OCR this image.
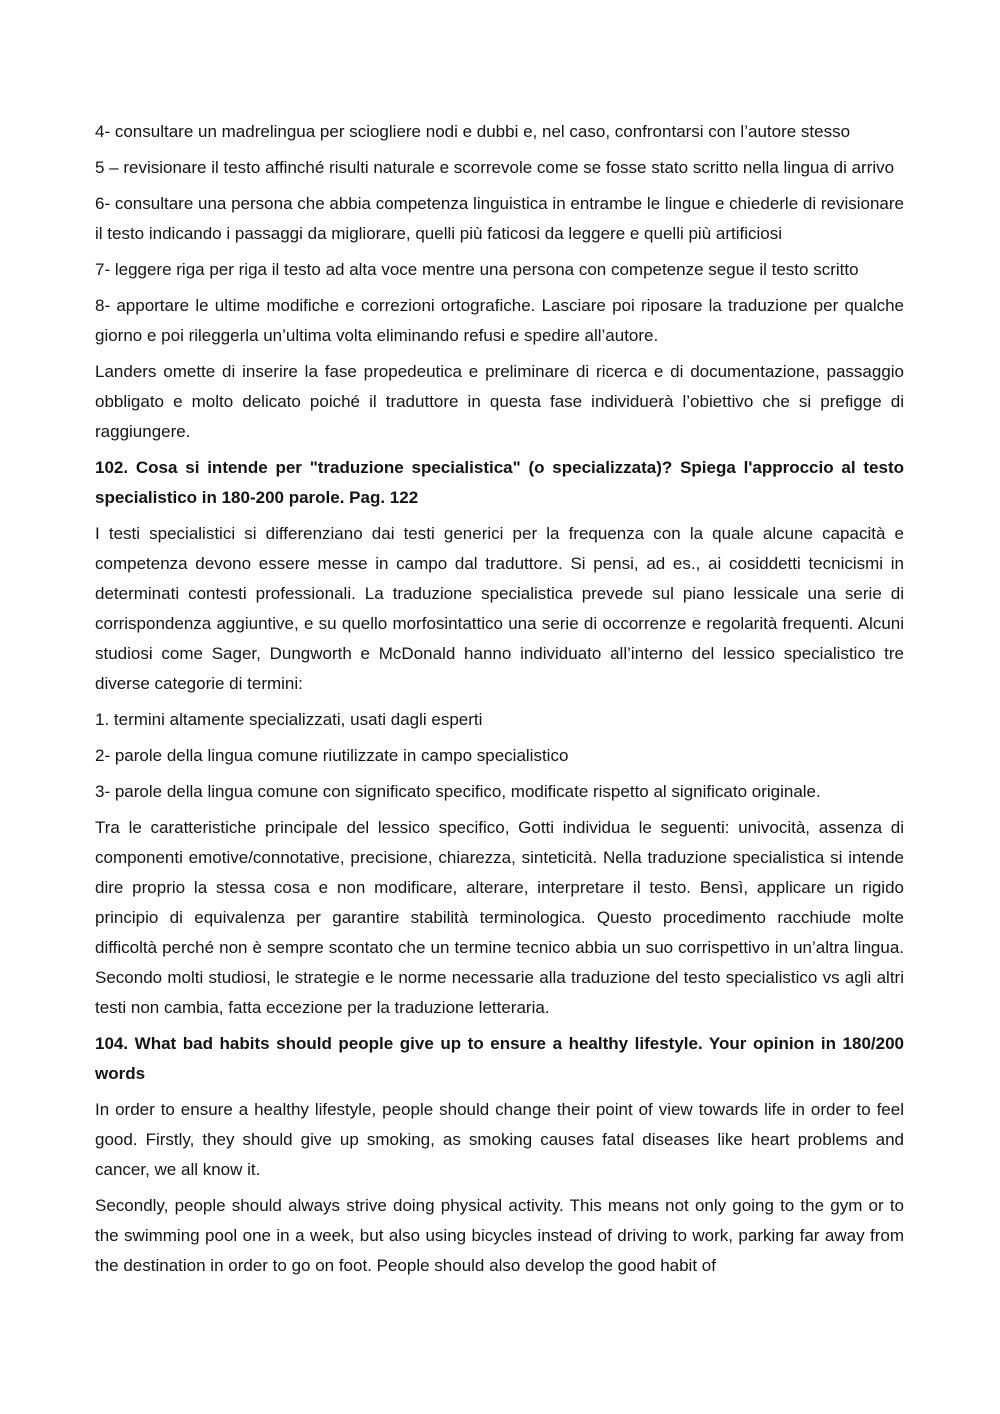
4- consultare un madrelingua per sciogliere nodi e dubbi e, nel caso, confrontarsi con l’autore stesso

5 – revisionare il testo affinché risulti naturale e scorrevole come se fosse stato scritto nella lingua di arrivo

6- consultare una persona che abbia competenza linguistica in entrambe le lingue e chiederle di revisionare il testo indicando i passaggi da migliorare, quelli più faticosi da leggere e quelli più artificiosi

7- leggere riga per riga il testo ad alta voce mentre una persona con competenze segue il testo scritto

8- apportare le ultime modifiche e correzioni ortografiche. Lasciare poi riposare la traduzione per qualche giorno e poi rileggerla un’ultima volta eliminando refusi e spedire all’autore.

Landers omette di inserire la fase propedeutica e preliminare di ricerca e di documentazione, passaggio obbligato e molto delicato poiché il traduttore in questa fase individuerà l’obiettivo che si prefigge di raggiungere.

102. Cosa si intende per "traduzione specialistica" (o specializzata)? Spiega l'approccio al testo specialistico in 180-200 parole. Pag. 122

I testi specialistici si differenziano dai testi generici per la frequenza con la quale alcune capacità e competenza devono essere messe in campo dal traduttore. Si pensi, ad es., ai cosiddetti tecnicismi in determinati contesti professionali. La traduzione specialistica prevede sul piano lessicale una serie di corrispondenza aggiuntive, e su quello morfosintattico una serie di occorrenze e regolarità frequenti. Alcuni studiosi come Sager, Dungworth e McDonald hanno individuato all’interno del lessico specialistico tre diverse categorie di termini:

1. termini altamente specializzati, usati dagli esperti

2- parole della lingua comune riutilizzate in campo specialistico

3- parole della lingua comune con significato specifico, modificate rispetto al significato originale.

Tra le caratteristiche principale del lessico specifico, Gotti individua le seguenti: univocità, assenza di componenti emotive/connotative, precisione, chiarezza, sinteticità. Nella traduzione specialistica si intende dire proprio la stessa cosa e non modificare, alterare, interpretare il testo. Bensì, applicare un rigido principio di equivalenza per garantire stabilità terminologica. Questo procedimento racchiude molte difficoltà perché non è sempre scontato che un termine tecnico abbia un suo corrispettivo in un’altra lingua. Secondo molti studiosi, le strategie e le norme necessarie alla traduzione del testo specialistico vs agli altri testi non cambia, fatta eccezione per la traduzione letteraria.

104. What bad habits should people give up to ensure a healthy lifestyle. Your opinion in 180/200 words

In order to ensure a healthy lifestyle, people should change their point of view towards life in order to feel good. Firstly, they should give up smoking, as smoking causes fatal diseases like heart problems and cancer, we all know it.

Secondly, people should always strive doing physical activity. This means not only going to the gym or to the swimming pool one in a week, but also using bicycles instead of driving to work, parking far away from the destination in order to go on foot. People should also develop the good habit of
